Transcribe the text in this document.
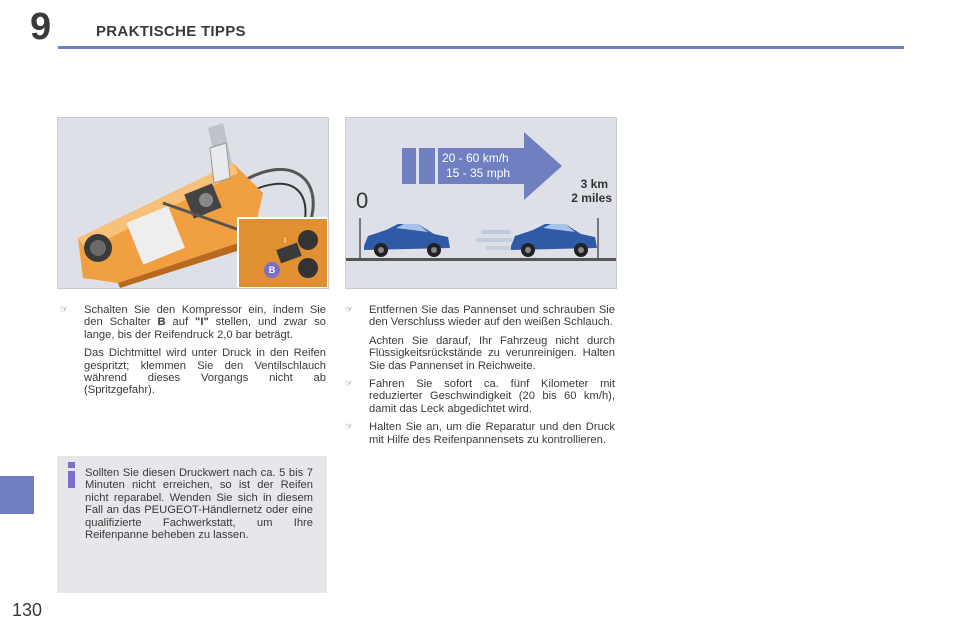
9	PRAKTISCHE TIPPS
130
I
B
20 - 60 km/h
15 - 35 mph
0
3 km
2 miles
☞ Schalten Sie den Kompressor ein, indem Sie den Schalter B auf "I" stellen, und zwar so lange, bis der Reifendruck 2,0 bar beträgt.

Das Dichtmittel wird unter Druck in den Reifen gespritzt; klemmen Sie den Ventilschlauch während dieses Vorgangs nicht ab (Spritzgefahr).

Sollten Sie diesen Druckwert nach ca. 5 bis 7 Minuten nicht erreichen, so ist der Reifen nicht reparabel. Wenden Sie sich in diesem Fall an das PEUGEOT-Händlernetz oder eine qualifizierte Fachwerkstatt, um Ihre Reifenpanne beheben zu lassen.
☞ Entfernen Sie das Pannenset und schrauben Sie den Verschluss wieder auf den weißen Schlauch.

Achten Sie darauf, Ihr Fahrzeug nicht durch Flüssigkeitsrückstände zu verunreinigen. Halten Sie das Pannenset in Reichweite.

☞ Fahren Sie sofort ca. fünf Kilometer mit reduzierter Geschwindigkeit (20 bis 60 km/h), damit das Leck abgedichtet wird.
☞ Halten Sie an, um die Reparatur und den Druck mit Hilfe des Reifenpannensets zu kontrollieren.
